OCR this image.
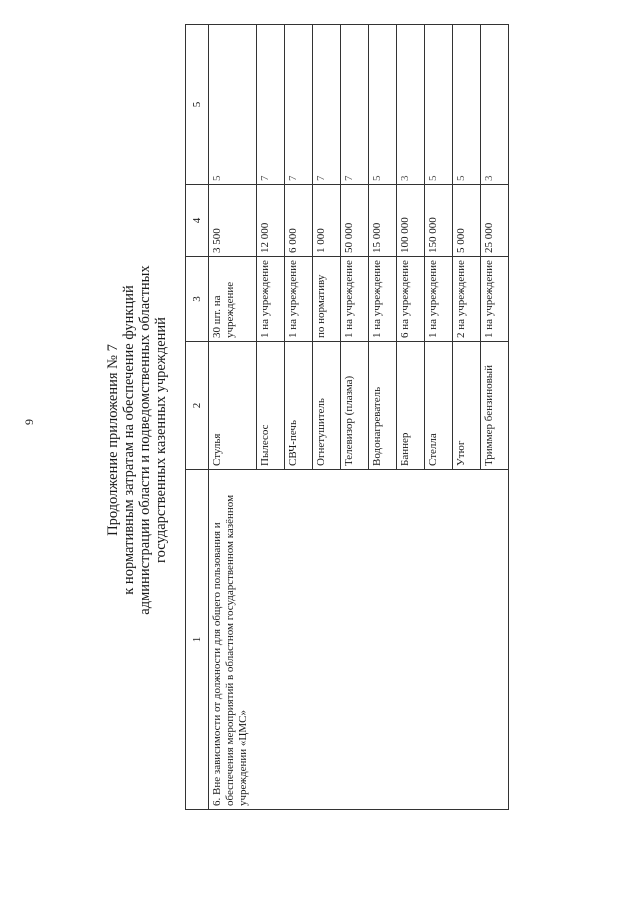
9	Продолжение приложения № 7 к нормативным затратам на обеспечение функций администрации области и подведомственных областных государственных казенных учреждений
1	2	3	4	5
6. Вне зависимости от должности для общего пользования и обеспечения мероприятий в областном государственном казённом учреждении «ЦМС»	Стулья	30 шт. на учреждение	3 500	5
	Пылесос	1 на учреждение	12 000	7
	СВЧ-печь	1 на учреждение	6 000	7
	Огнетушитель	по нормативу	1 000	7
	Телевизор (плазма)	1 на учреждение	50 000	7
	Водонагреватель	1 на учреждение	15 000	5
	Баннер	6 на учреждение	100 000	3
	Стелла	1 на учреждение	150 000	5
	Утюг	2 на учреждение	5 000	5
	Триммер бензиновый	1 на учреждение	25 000	3
